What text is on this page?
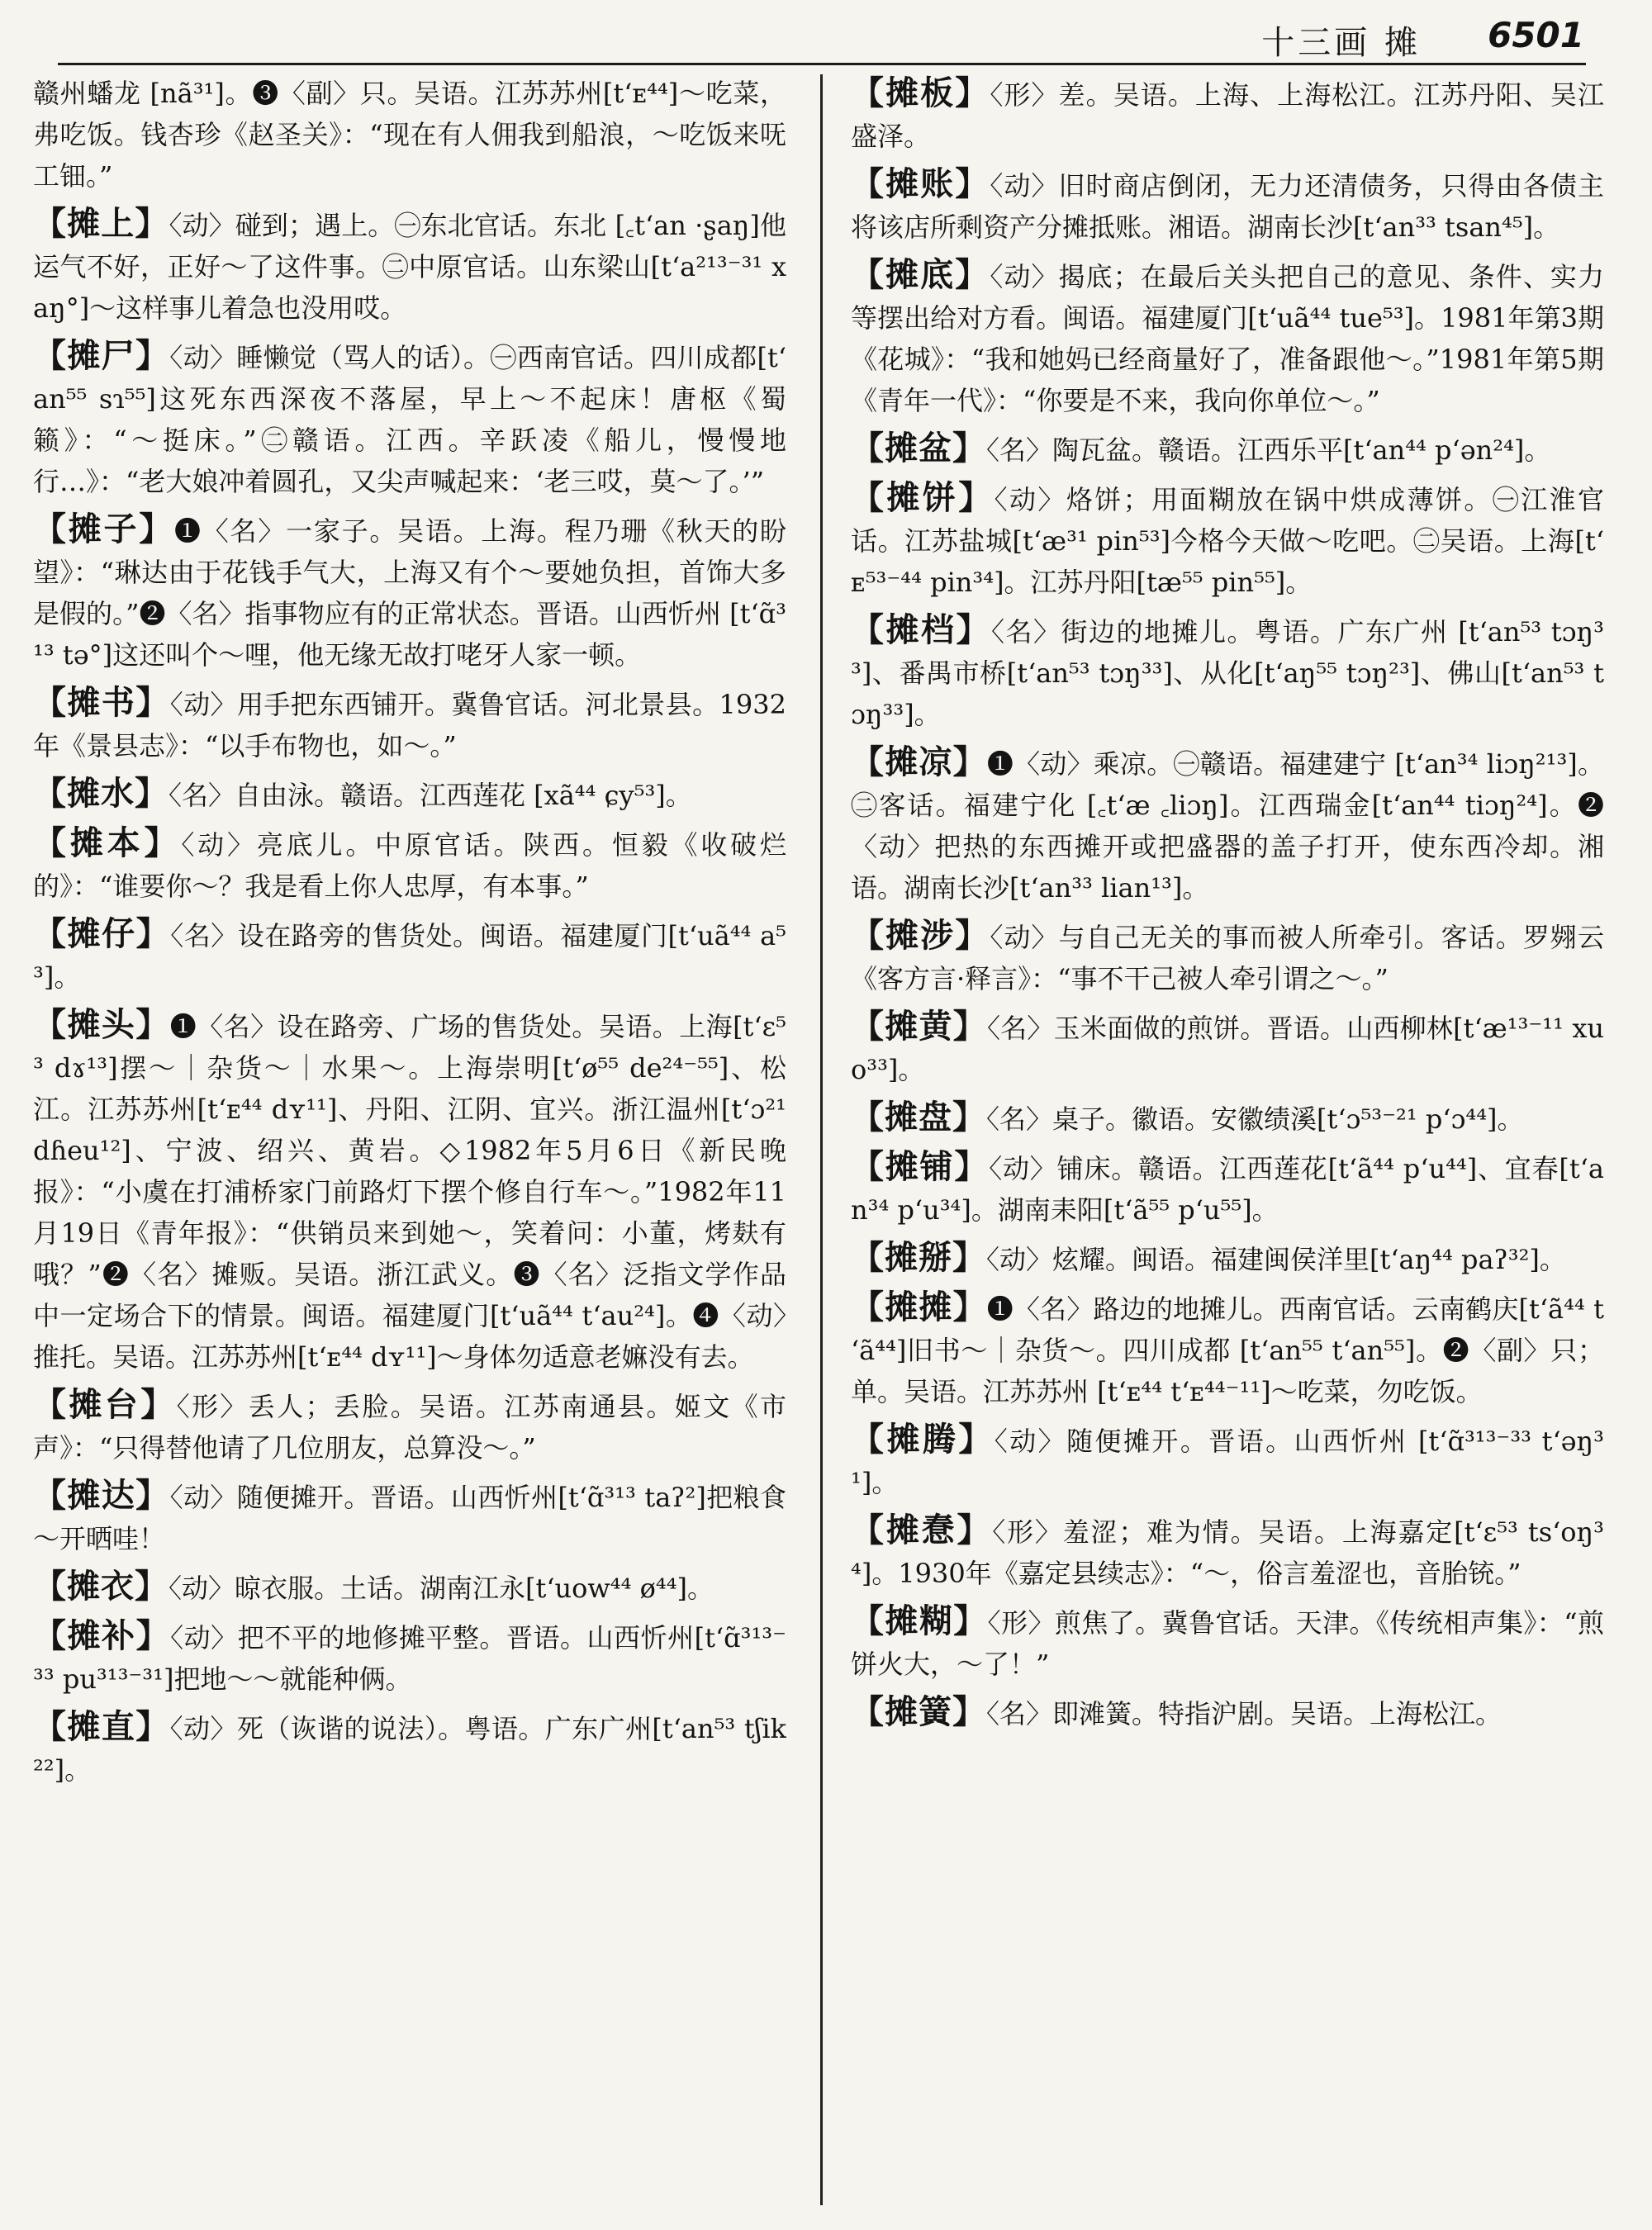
十三画 摊 6501

赣州蟠龙 [nã³¹]。❸〈副〉只。吴语。江苏苏州[tʻᴇ⁴⁴]～吃菜，弗吃饭。钱杏珍《赵圣关》：“现在有人佣我到船浪，～吃饭来呒工钿。”

【摊上】〈动〉碰到；遇上。㊀东北官话。东北 [꜀tʻan ·ʂaŋ]他运气不好，正好～了这件事。㊁中原官话。山东梁山[tʻa²¹³⁻³¹ xaŋ°]～这样事儿着急也没用哎。

【摊尸】〈动〉睡懒觉（骂人的话）。㊀西南官话。四川成都[tʻan⁵⁵ sɿ⁵⁵]这死东西深夜不落屋，早上～不起床！唐枢《蜀籁》：“～挺床。”㊁赣语。江西。辛跃凌《船儿，慢慢地行…》：“老大娘冲着圆孔，又尖声喊起来：‘老三哎，莫～了。’”

【摊子】❶〈名〉一家子。吴语。上海。程乃珊《秋天的盼望》：“琳达由于花钱手气大，上海又有个～要她负担，首饰大多是假的。”❷〈名〉指事物应有的正常状态。晋语。山西忻州 [tʻɑ̃³¹³ tə°]这还叫个～哩，他无缘无故打咾牙人家一顿。

【摊书】〈动〉用手把东西铺开。冀鲁官话。河北景县。1932年《景县志》：“以手布物也，如～。”

【摊水】〈名〉自由泳。赣语。江西莲花 [xã⁴⁴ ɕy⁵³]。

【摊本】〈动〉亮底儿。中原官话。陕西。恒毅《收破烂的》：“谁要你～？我是看上你人忠厚，有本事。”

【摊仔】〈名〉设在路旁的售货处。闽语。福建厦门[tʻuã⁴⁴ a⁵³]。

【摊头】❶〈名〉设在路旁、广场的售货处。吴语。上海[tʻɛ⁵³ dɤ¹³]摆～｜杂货～｜水果～。上海崇明[tʻø⁵⁵ de²⁴⁻⁵⁵]、松江。江苏苏州[tʻᴇ⁴⁴ dʏ¹¹]、丹阳、江阴、宜兴。浙江温州[tʻɔ²¹ dɦeu¹²]、宁波、绍兴、黄岩。◇1982年5月6日《新民晚报》：“小虞在打浦桥家门前路灯下摆个修自行车～。”1982年11月19日《青年报》：“供销员来到她～，笑着问：小董，烤麸有哦？”❷〈名〉摊贩。吴语。浙江武义。❸〈名〉泛指文学作品中一定场合下的情景。闽语。福建厦门[tʻuã⁴⁴ tʻau²⁴]。❹〈动〉推托。吴语。江苏苏州[tʻᴇ⁴⁴ dʏ¹¹]～身体勿适意老嫲没有去。

【摊台】〈形〉丢人；丢脸。吴语。江苏南通县。姬文《市声》：“只得替他请了几位朋友，总算没～。”

【摊达】〈动〉随便摊开。晋语。山西忻州[tʻɑ̃³¹³ taʔ²]把粮食～开晒哇！

【摊衣】〈动〉晾衣服。土话。湖南江永[tʻuow⁴⁴ ø⁴⁴]。

【摊补】〈动〉把不平的地修摊平整。晋语。山西忻州[tʻɑ̃³¹³⁻³³ pu³¹³⁻³¹]把地～～就能种俩。

【摊直】〈动〉死（诙谐的说法）。粤语。广东广州[tʻan⁵³ tʃik²²]。

【摊板】〈形〉差。吴语。上海、上海松江。江苏丹阳、吴江盛泽。

【摊账】〈动〉旧时商店倒闭，无力还清债务，只得由各债主将该店所剩资产分摊抵账。湘语。湖南长沙[tʻan³³ tsan⁴⁵]。

【摊底】〈动〉揭底；在最后关头把自己的意见、条件、实力等摆出给对方看。闽语。福建厦门[tʻuã⁴⁴ tue⁵³]。1981年第3期《花城》：“我和她妈已经商量好了，准备跟他～。”1981年第5期《青年一代》：“你要是不来，我向你单位～。”

【摊盆】〈名〉陶瓦盆。赣语。江西乐平[tʻan⁴⁴ pʻən²⁴]。

【摊饼】〈动〉烙饼；用面糊放在锅中烘成薄饼。㊀江淮官话。江苏盐城[tʻæ³¹ pin⁵³]今格今天做～吃吧。㊁吴语。上海[tʻᴇ⁵³⁻⁴⁴ pin³⁴]。江苏丹阳[tæ⁵⁵ pin⁵⁵]。

【摊档】〈名〉街边的地摊儿。粤语。广东广州 [tʻan⁵³ tɔŋ³³]、番禺市桥[tʻan⁵³ tɔŋ³³]、从化[tʻaŋ⁵⁵ tɔŋ²³]、佛山[tʻan⁵³ tɔŋ³³]。

【摊凉】❶〈动〉乘凉。㊀赣语。福建建宁 [tʻan³⁴ liɔŋ²¹³]。㊁客话。福建宁化 [꜀tʻæ ꜀liɔŋ]。江西瑞金[tʻan⁴⁴ tiɔŋ²⁴]。❷〈动〉把热的东西摊开或把盛器的盖子打开，使东西冷却。湘语。湖南长沙[tʻan³³ lian¹³]。

【摊涉】〈动〉与自己无关的事而被人所牵引。客话。罗翙云《客方言·释言》：“事不干己被人牵引谓之～。”

【摊黄】〈名〉玉米面做的煎饼。晋语。山西柳林[tʻæ¹³⁻¹¹ xuo³³]。

【摊盘】〈名〉桌子。徽语。安徽绩溪[tʻɔ⁵³⁻²¹ pʻɔ⁴⁴]。

【摊铺】〈动〉铺床。赣语。江西莲花[tʻã⁴⁴ pʻu⁴⁴]、宜春[tʻan³⁴ pʻu³⁴]。湖南耒阳[tʻã⁵⁵ pʻu⁵⁵]。

【摊掰】〈动〉炫耀。闽语。福建闽侯洋里[tʻaŋ⁴⁴ paʔ³²]。

【摊摊】❶〈名〉路边的地摊儿。西南官话。云南鹤庆[tʻã⁴⁴ tʻã⁴⁴]旧书～｜杂货～。四川成都 [tʻan⁵⁵ tʻan⁵⁵]。❷〈副〉只；单。吴语。江苏苏州 [tʻᴇ⁴⁴ tʻᴇ⁴⁴⁻¹¹]～吃菜，勿吃饭。

【摊腾】〈动〉随便摊开。晋语。山西忻州 [tʻɑ̃³¹³⁻³³ tʻəŋ³¹]。

【摊惷】〈形〉羞涩；难为情。吴语。上海嘉定[tʻɛ⁵³ tsʻoŋ³⁴]。1930年《嘉定县续志》：“～，俗言羞涩也，音胎铳。”

【摊糊】〈形〉煎焦了。冀鲁官话。天津。《传统相声集》：“煎饼火大，～了！”

【摊簧】〈名〉即滩簧。特指沪剧。吴语。上海松江。
